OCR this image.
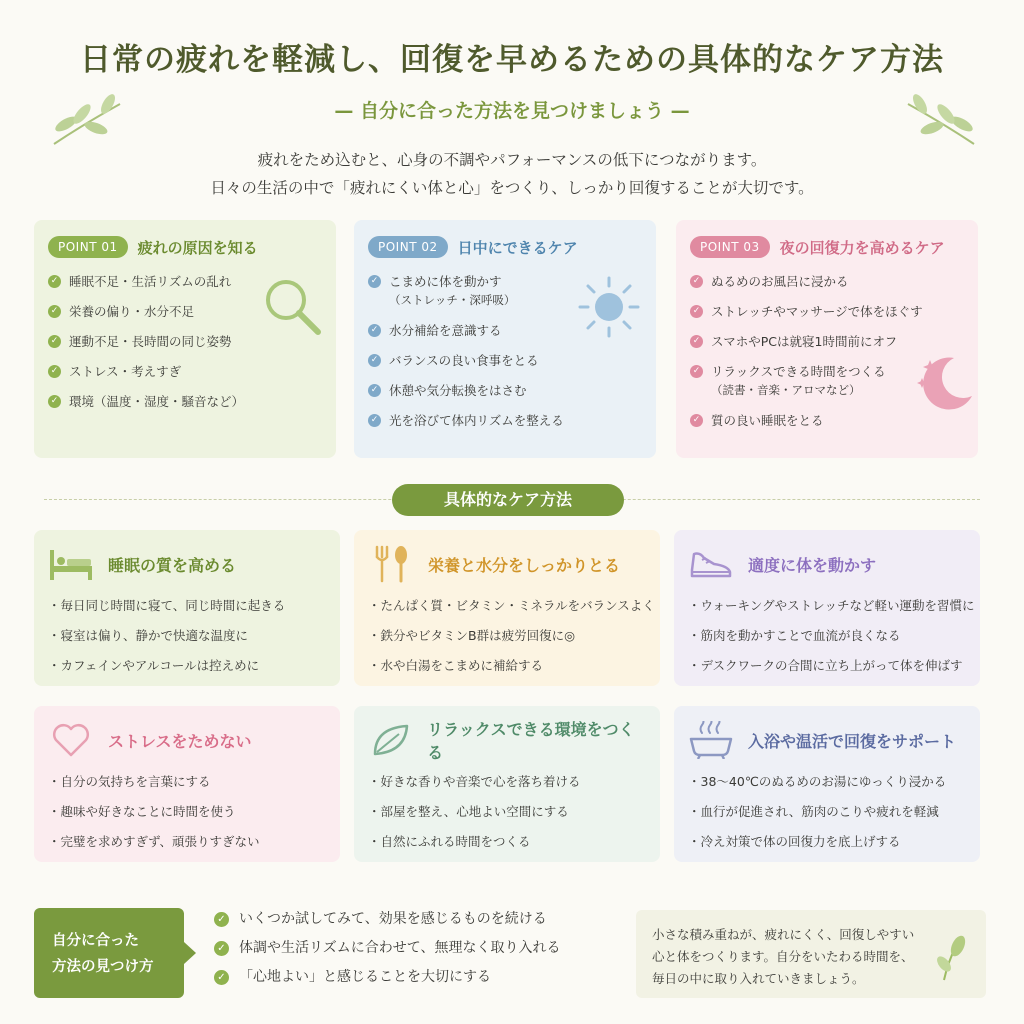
日常の疲れを軽減し、回復を早めるための具体的なケア方法
— 自分に合った方法を見つけましょう —
疲れをため込むと、心身の不調やパフォーマンスの低下につながります。
日々の生活の中で「疲れにくい体と心」をつくり、しっかり回復することが大切です。
POINT 01	疲れの原因を知る
✓ 睡眠不足・生活リズムの乱れ
✓ 栄養の偏り・水分不足
✓ 運動不足・長時間の同じ姿勢
✓ ストレス・考えすぎ
✓ 環境（温度・湿度・騒音など）
POINT 02	日中にできるケア
✓ こまめに体を動かす
（ストレッチ・深呼吸）
✓ 水分補給を意識する
✓ バランスの良い食事をとる
✓ 休憩や気分転換をはさむ
✓ 光を浴びて体内リズムを整える
POINT 03	夜の回復力を高めるケア
✓ ぬるめのお風呂に浸かる
✓ ストレッチやマッサージで体をほぐす
✓ スマホやPCは就寝1時間前にオフ
✓ リラックスできる時間をつくる
（読書・音楽・アロマなど）
✓ 質の良い睡眠をとる
具体的なケア方法
睡眠の質を高める
・ 毎日同じ時間に寝て、同じ時間に起きる
・ 寝室は偏り、静かで快適な温度に
・ カフェインやアルコールは控えめに
栄養と水分をしっかりとる
・ たんぱく質・ビタミン・ミネラルをバランスよく
・ 鉄分やビタミンB群は疲労回復に◎
・ 水や白湯をこまめに補給する
適度に体を動かす
・ ウォーキングやストレッチなど軽い運動を習慣に
・ 筋肉を動かすことで血流が良くなる
・ デスクワークの合間に立ち上がって体を伸ばす
ストレスをためない
・ 自分の気持ちを言葉にする
・ 趣味や好きなことに時間を使う
・ 完璧を求めすぎず、頑張りすぎない
リラックスできる環境をつくる
・ 好きな香りや音楽で心を落ち着ける
・ 部屋を整え、心地よい空間にする
・ 自然にふれる時間をつくる
入浴や温活で回復をサポート
・ 38〜40℃のぬるめのお湯にゆっくり浸かる
・ 血行が促進され、筋肉のこりや疲れを軽減
・ 冷え対策で体の回復力を底上げする
自分に合った
方法の見つけ方
✓ いくつか試してみて、効果を感じるものを続ける
✓ 体調や生活リズムに合わせて、無理なく取り入れる
✓ 「心地よい」と感じることを大切にする
小さな積み重ねが、疲れにくく、回復しやすい
心と体をつくります。自分をいたわる時間を、
毎日の中に取り入れていきましょう。
